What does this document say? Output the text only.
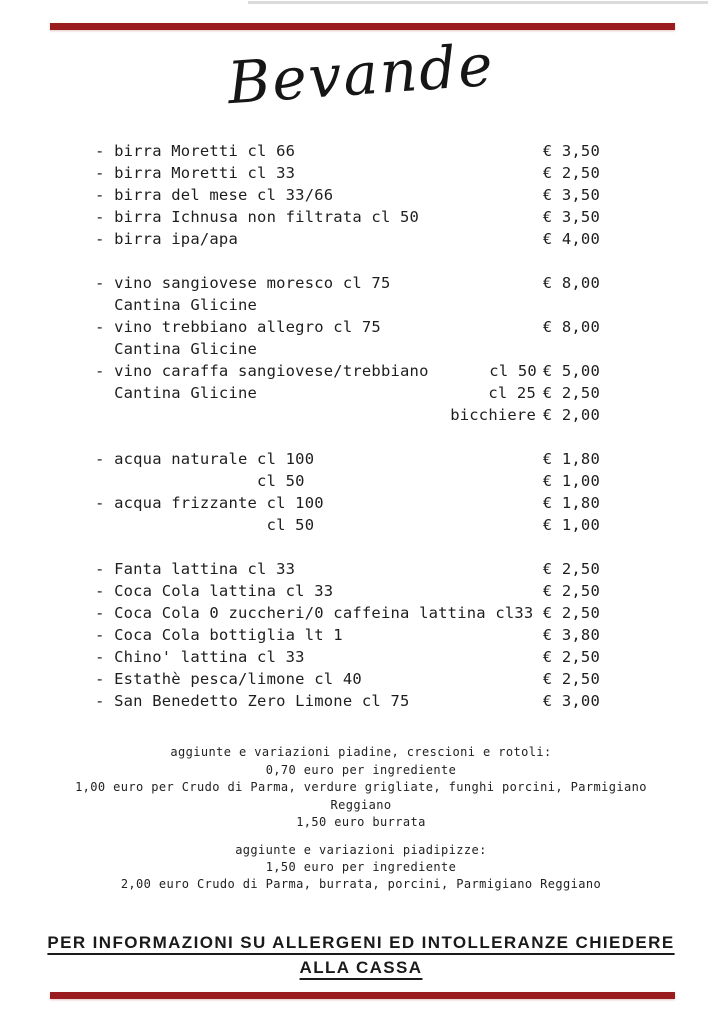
Bevande
- birra Moretti cl 66	€ 3,50
- birra Moretti cl 33	€ 2,50
- birra del mese cl 33/66	€ 3,50
- birra Ichnusa non filtrata cl 50	€ 3,50
- birra ipa/apa	€ 4,00
- vino sangiovese moresco cl 75	€ 8,00
Cantina Glicine
- vino trebbiano allegro cl 75	€ 8,00
Cantina Glicine
- vino caraffa sangiovese/trebbiano	cl 50 € 5,00
Cantina Glicine	cl 25 € 2,50
bicchiere € 2,00
- acqua naturale cl 100	€ 1,80
cl 50	€ 1,00
- acqua frizzante cl 100	€ 1,80
cl 50	€ 1,00
- Fanta lattina cl 33	€ 2,50
- Coca Cola lattina cl 33	€ 2,50
- Coca Cola 0 zuccheri/0 caffeina lattina cl33 € 2,50
- Coca Cola bottiglia lt 1	€ 3,80
- Chino' lattina cl 33	€ 2,50
- Estathè pesca/limone cl 40	€ 2,50
- San Benedetto Zero Limone cl 75	€ 3,00
aggiunte e variazioni piadine, crescioni e rotoli:
0,70 euro per ingrediente
1,00 euro per Crudo di Parma, verdure grigliate, funghi porcini, Parmigiano
Reggiano
1,50 euro burrata
aggiunte e variazioni piadipizze:
1,50 euro per ingrediente
2,00 euro Crudo di Parma, burrata, porcini, Parmigiano Reggiano
PER INFORMAZIONI SU ALLERGENI ED INTOLLERANZE CHIEDERE
ALLA CASSA
